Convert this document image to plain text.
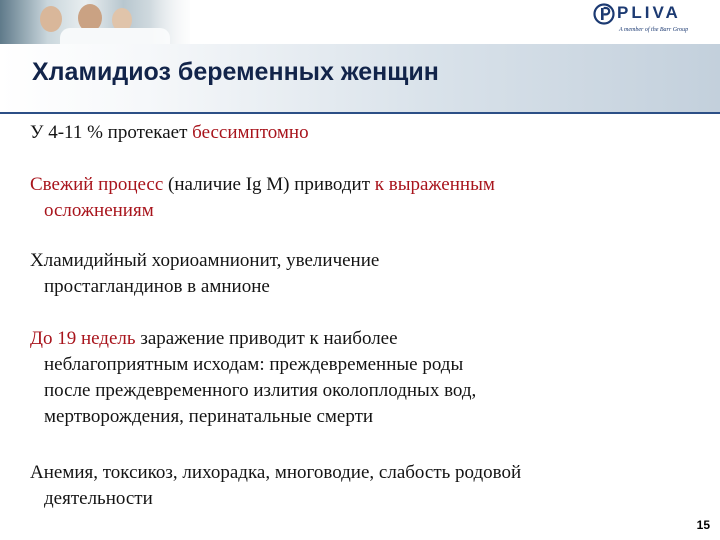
PLIVA
A member of the Barr Group
Хламидиоз беременных женщин

У 4-11 % протекает бессимптомно

Свежий процесс (наличие Ig M) приводит к выраженным
осложнениям

Хламидийный хориоамнионит, увеличение
простагландинов в амнионе

До 19 недель заражение приводит к наиболее
неблагоприятным исходам: преждевременные роды
после преждевременного излития околоплодных вод,
мертворождения, перинатальные смерти

Анемия, токсикоз, лихорадка, многоводие, слабость родовой
деятельности

15
